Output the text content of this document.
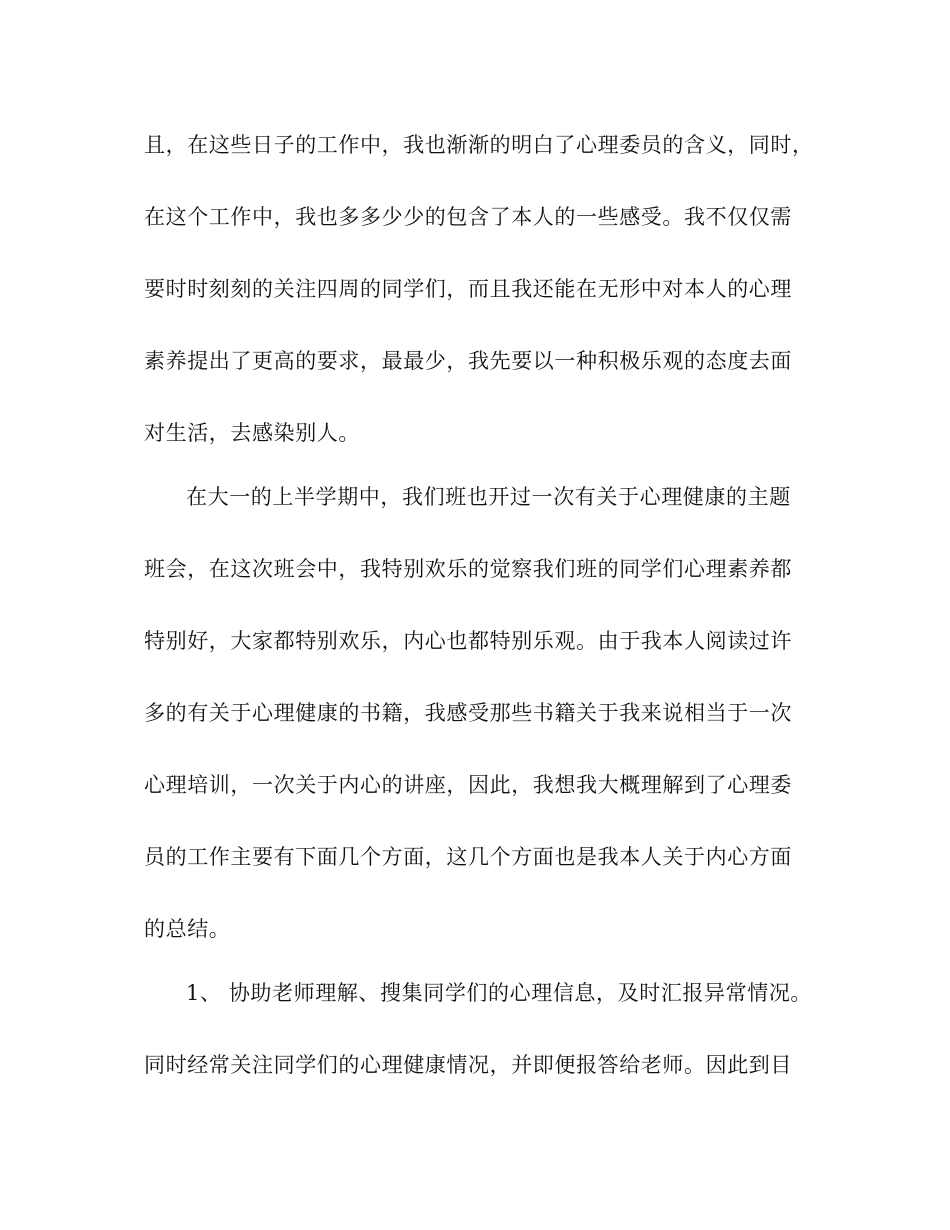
且，在这些日子的工作中，我也渐渐的明白了心理委员的含义，同时，
在这个工作中，我也多多少少的包含了本人的一些感受。我不仅仅需
要时时刻刻的关注四周的同学们，而且我还能在无形中对本人的心理
素养提出了更高的要求，最最少，我先要以一种积极乐观的态度去面
对生活，去感染别人。
在大一的上半学期中，我们班也开过一次有关于心理健康的主题
班会，在这次班会中，我特别欢乐的觉察我们班的同学们心理素养都
特别好，大家都特别欢乐，内心也都特别乐观。由于我本人阅读过许
多的有关于心理健康的书籍，我感受那些书籍关于我来说相当于一次
心理培训，一次关于内心的讲座，因此，我想我大概理解到了心理委
员的工作主要有下面几个方面，这几个方面也是我本人关于内心方面
的总结。
1、 协助老师理解、搜集同学们的心理信息，及时汇报异常情况。
同时经常关注同学们的心理健康情况，并即便报答给老师。因此到目
